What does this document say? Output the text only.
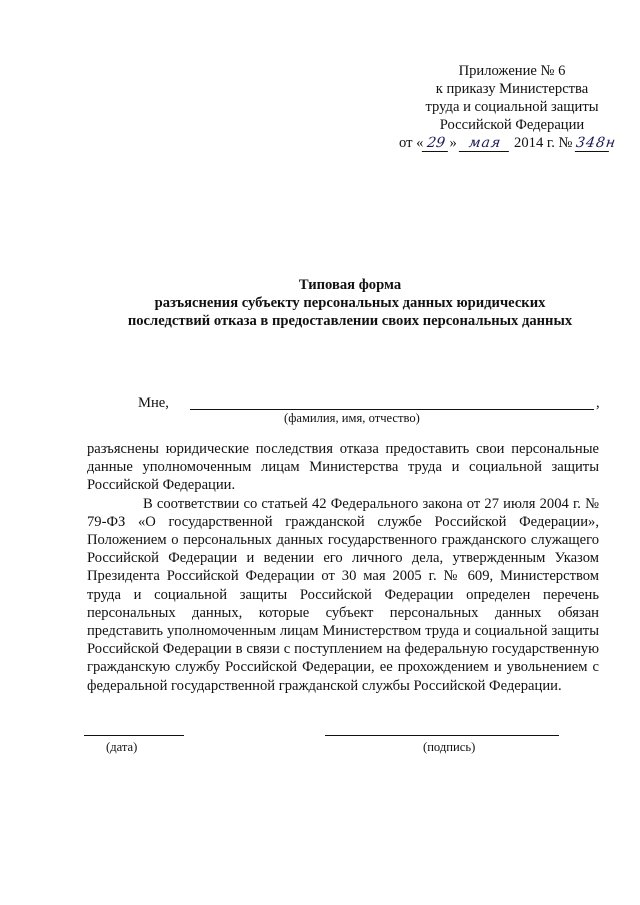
Приложение № 6
к приказу Министерства
труда и социальной защиты
Российской Федерации
от « 29 » мая 2014 г. № 348н
Типовая форма
разъяснения субъекту персональных данных юридических
последствий отказа в предоставлении своих персональных данных
Мне,	,
(фамилия, имя, отчество)

разъяснены юридические последствия отказа предоставить свои персональные данные уполномоченным лицам Министерства труда и социальной защиты Российской Федерации.

В соответствии со статьей 42 Федерального закона от 27 июля 2004 г. № 79-ФЗ «О государственной гражданской службе Российской Федерации», Положением о персональных данных государственного гражданского служащего Российской Федерации и ведении его личного дела, утвержденным Указом Президента Российской Федерации от 30 мая 2005 г. № 609, Министерством труда и социальной защиты Российской Федерации определен перечень персональных данных, которые субъект персональных данных обязан представить уполномоченным лицам Министерством труда и социальной защиты Российской Федерации в связи с поступлением на федеральную государственную гражданскую службу Российской Федерации, ее прохождением и увольнением с федеральной государственной гражданской службы Российской Федерации.

(дата)	(подпись)
